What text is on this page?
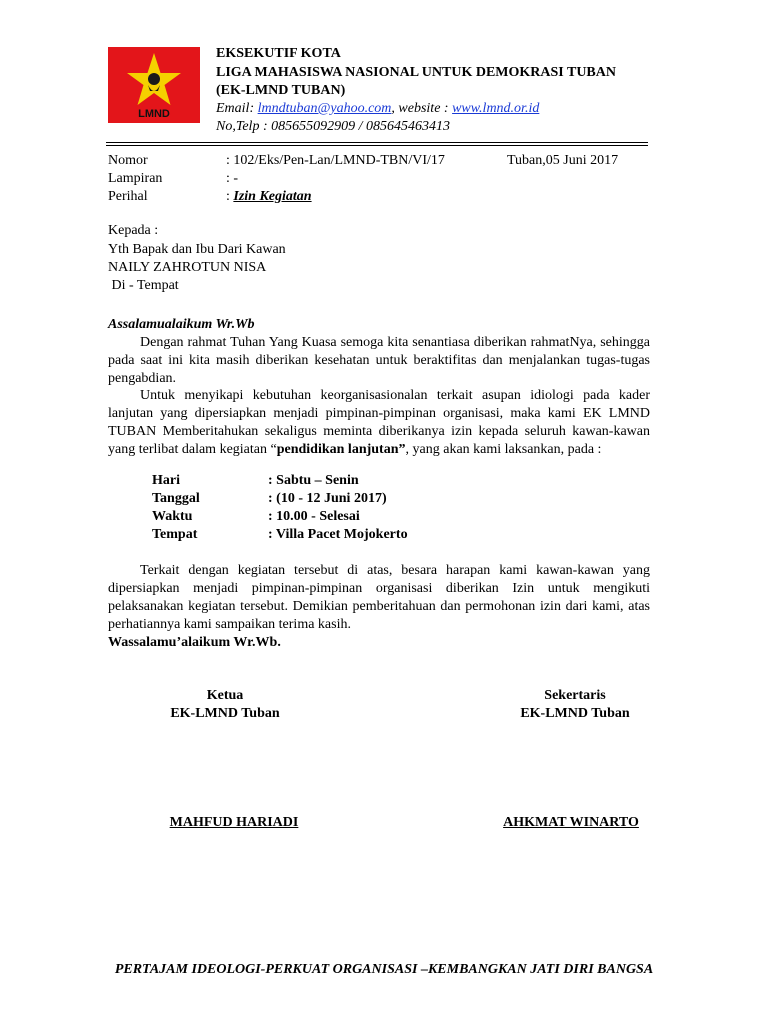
LMND
EKSEKUTIF KOTA
LIGA MAHASISWA NASIONAL UNTUK DEMOKRASI TUBAN
(EK-LMND TUBAN)
Email: lmndtuban@yahoo.com, website : www.lmnd.or.id
No,Telp : 085655092909 / 085645463413
Nomor	: 102/Eks/Pen-Lan/LMND-TBN/VI/17	Tuban,05 Juni 2017
Lampiran	: -
Perihal	: Izin Kegiatan
Kepada :
Yth Bapak dan Ibu Dari Kawan
NAILY ZAHROTUN NISA
Di - Tempat
Assalamualaikum Wr.Wb

Dengan rahmat Tuhan Yang Kuasa semoga kita senantiasa diberikan rahmatNya, sehingga pada saat ini kita masih diberikan kesehatan untuk beraktifitas dan menjalankan tugas-tugas pengabdian.

Untuk menyikapi kebutuhan keorganisasionalan terkait asupan idiologi pada kader lanjutan yang dipersiapkan menjadi pimpinan-pimpinan organisasi, maka kami EK LMND TUBAN Memberitahukan sekaligus meminta diberikanya izin kepada seluruh kawan-kawan yang terlibat dalam kegiatan “pendidikan lanjutan”, yang akan kami laksankan, pada :

Hari	: Sabtu – Senin
Tanggal	: (10 - 12 Juni 2017)
Waktu	: 10.00 - Selesai
Tempat	: Villa Pacet Mojokerto

Terkait dengan kegiatan tersebut di atas, besara harapan kami kawan-kawan yang dipersiapkan menjadi pimpinan-pimpinan organisasi diberikan Izin untuk mengikuti pelaksanakan kegiatan tersebut. Demikian pemberitahuan dan permohonan izin dari kami, atas perhatiannya kami sampaikan terima kasih.

Wassalamu’alaikum Wr.Wb.
Ketua
EK-LMND Tuban
Sekertaris
EK-LMND Tuban
MAHFUD HARIADI	AHKMAT WINARTO
PERTAJAM IDEOLOGI-PERKUAT ORGANISASI –KEMBANGKAN JATI DIRI BANGSA
